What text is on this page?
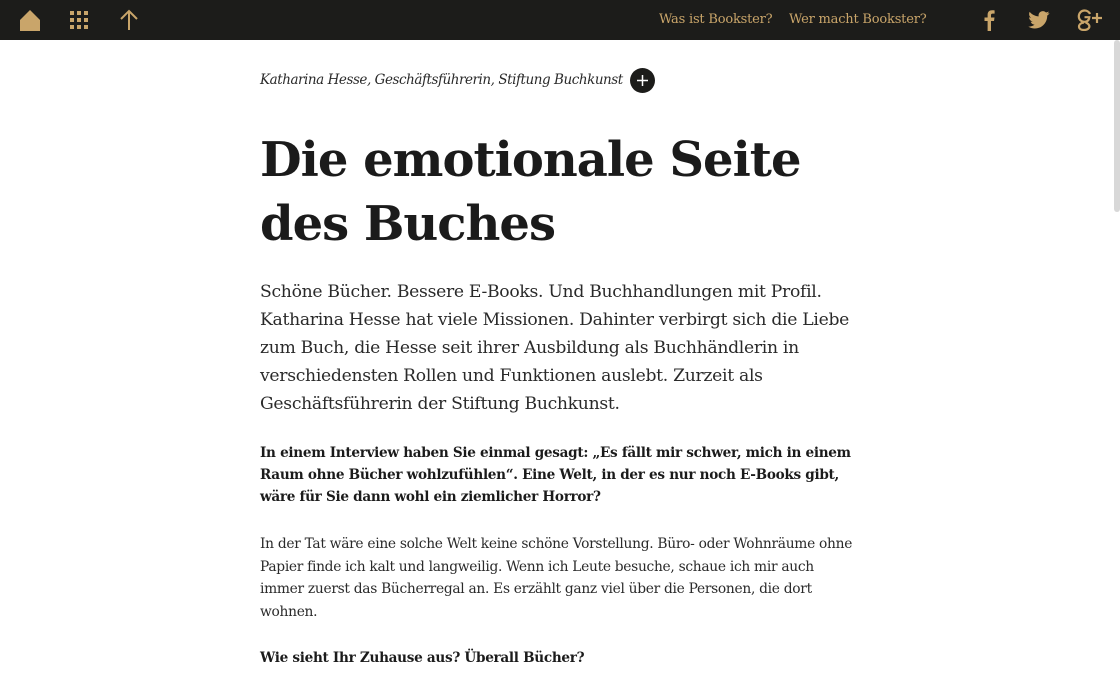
Was ist Bookster? Wer macht Bookster?
Katharina Hesse, Geschäftsführerin, Stiftung Buchkunst
Die emotionale Seite
des Buches

Schöne Bücher. Bessere E-Books. Und Buchhandlungen mit Profil. Katharina Hesse hat viele Missionen. Dahinter verbirgt sich die Liebe zum Buch, die Hesse seit ihrer Ausbildung als Buchhändlerin in verschiedensten Rollen und Funktionen auslebt. Zurzeit als Geschäftsführerin der Stiftung Buchkunst.

In einem Interview haben Sie einmal gesagt: „Es fällt mir schwer, mich in einem Raum ohne Bücher wohlzufühlen“. Eine Welt, in der es nur noch E-Books gibt, wäre für Sie dann wohl ein ziemlicher Horror?

In der Tat wäre eine solche Welt keine schöne Vorstellung. Büro- oder Wohnräume ohne Papier finde ich kalt und langweilig. Wenn ich Leute besuche, schaue ich mir auch immer zuerst das Bücherregal an. Es erzählt ganz viel über die Personen, die dort wohnen.

Wie sieht Ihr Zuhause aus? Überall Bücher?
